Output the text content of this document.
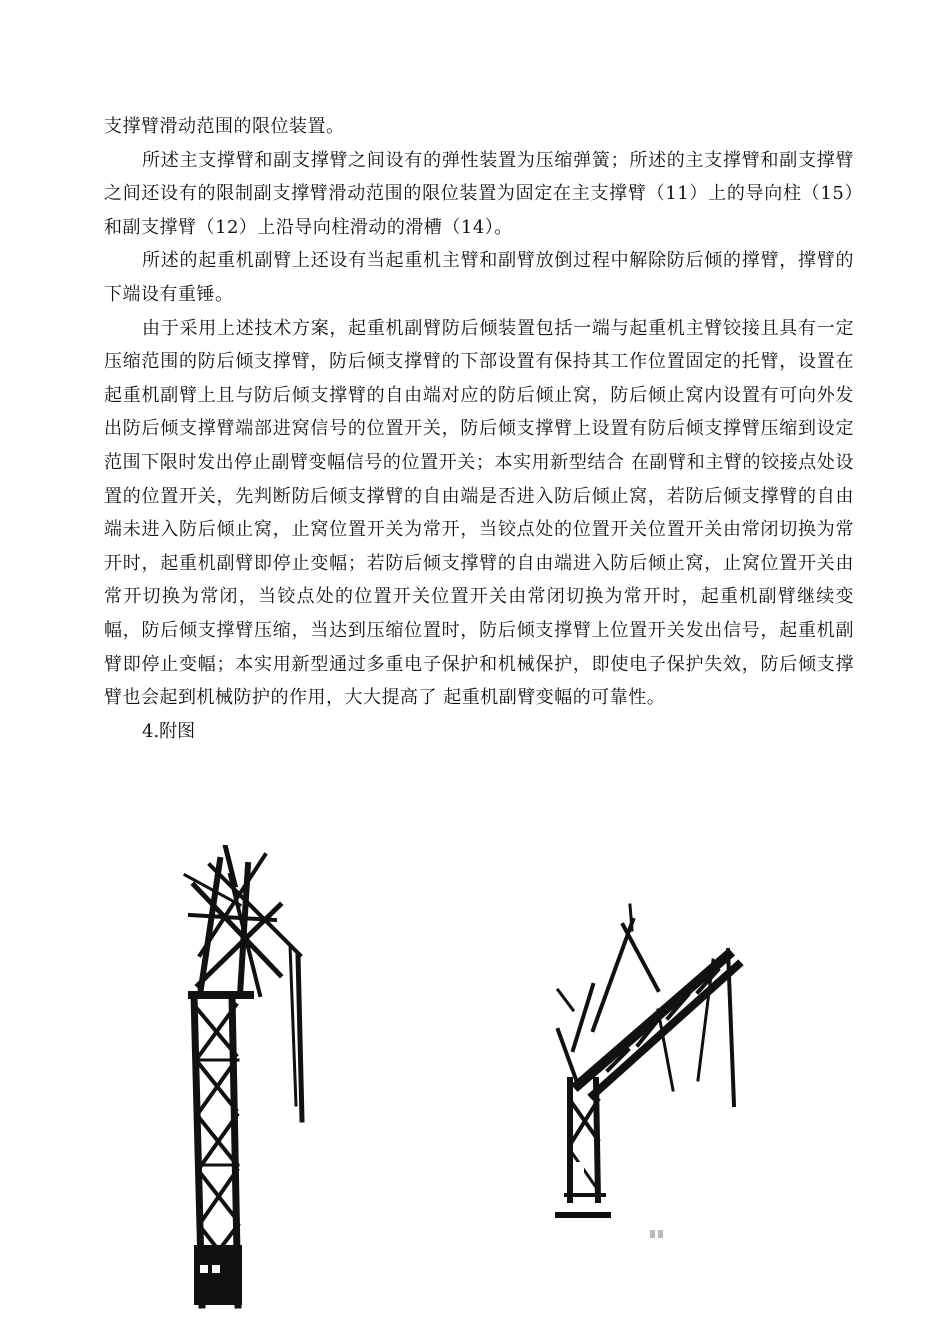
支撑臂滑动范围的限位装置。

所述主支撑臂和副支撑臂之间设有的弹性装置为压缩弹簧；所述的主支撑臂和副支撑臂之间还设有的限制副支撑臂滑动范围的限位装置为固定在主支撑臂（11）上的导向柱（15）和副支撑臂（12）上沿导向柱滑动的滑槽（14）。

所述的起重机副臂上还设有当起重机主臂和副臂放倒过程中解除防后倾的撑臂，撑臂的下端设有重锤。

由于采用上述技术方案，起重机副臂防后倾装置包括一端与起重机主臂铰接且具有一定压缩范围的防后倾支撑臂，防后倾支撑臂的下部设置有保持其工作位置固定的托臂，设置在起重机副臂上且与防后倾支撑臂的自由端对应的防后倾止窝，防后倾止窝内设置有可向外发出防后倾支撑臂端部进窝信号的位置开关，防后倾支撑臂上设置有防后倾支撑臂压缩到设定范围下限时发出停止副臂变幅信号的位置开关；本实用新型结合 在副臂和主臂的铰接点处设置的位置开关，先判断防后倾支撑臂的自由端是否进入防后倾止窝，若防后倾支撑臂的自由端未进入防后倾止窝，止窝位置开关为常开，当铰点处的位置开关位置开关由常闭切换为常开时，起重机副臂即停止变幅；若防后倾支撑臂的自由端进入防后倾止窝，止窝位置开关由常开切换为常闭，当铰点处的位置开关位置开关由常闭切换为常开时，起重机副臂继续变幅，防后倾支撑臂压缩，当达到压缩位置时，防后倾支撑臂上位置开关发出信号，起重机副臂即停止变幅；本实用新型通过多重电子保护和机械保护，即使电子保护失效，防后倾支撑臂也会起到机械防护的作用，大大提高了 起重机副臂变幅的可靠性。

4.附图
